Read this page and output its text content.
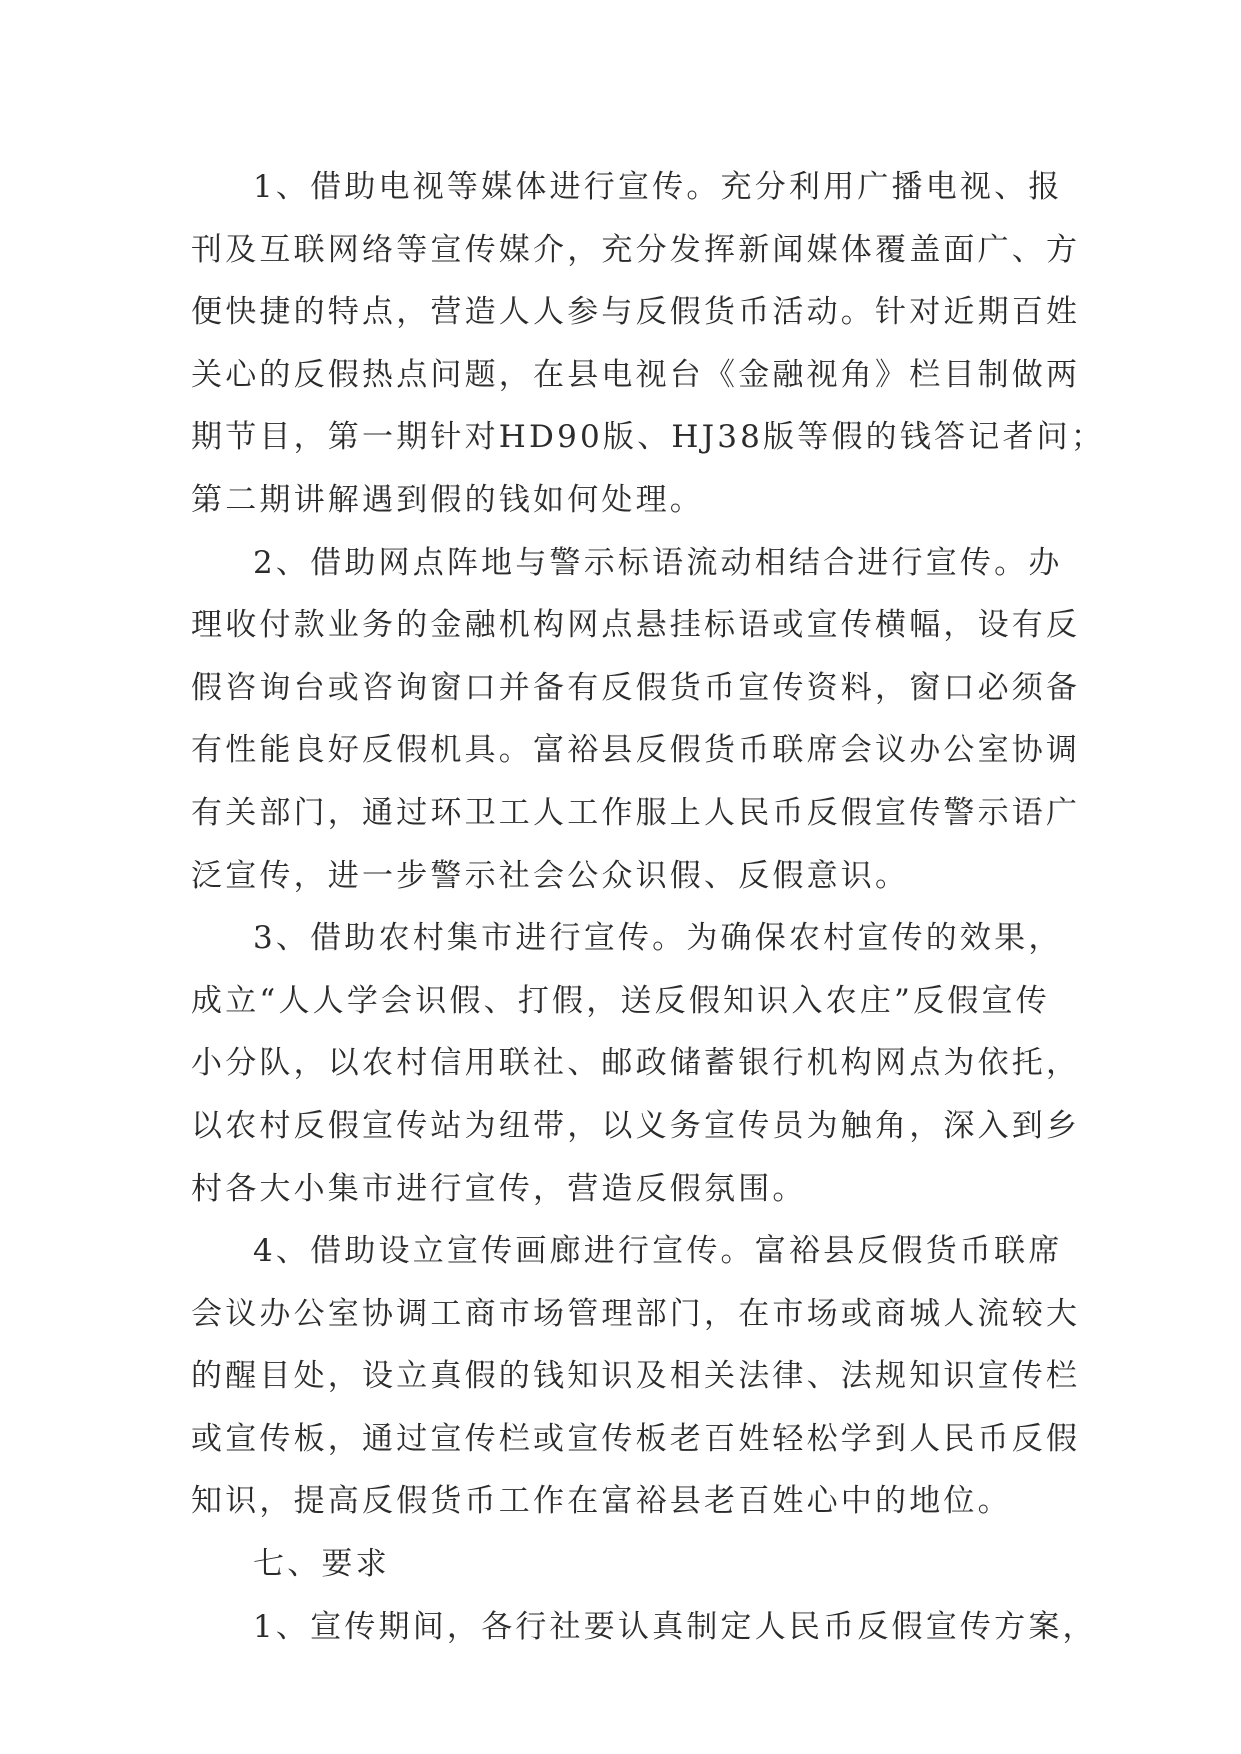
1、借助电视等媒体进行宣传。充分利用广播电视、报
刊及互联网络等宣传媒介，充分发挥新闻媒体覆盖面广、方
便快捷的特点，营造人人参与反假货币活动。针对近期百姓
关心的反假热点问题，在县电视台《金融视角》栏目制做两
期节目，第一期针对HD90版、HJ38版等假的钱答记者问；
第二期讲解遇到假的钱如何处理。
2、借助网点阵地与警示标语流动相结合进行宣传。办
理收付款业务的金融机构网点悬挂标语或宣传横幅，设有反
假咨询台或咨询窗口并备有反假货币宣传资料，窗口必须备
有性能良好反假机具。富裕县反假货币联席会议办公室协调
有关部门，通过环卫工人工作服上人民币反假宣传警示语广
泛宣传，进一步警示社会公众识假、反假意识。
3、借助农村集市进行宣传。为确保农村宣传的效果，
成立“人人学会识假、打假，送反假知识入农庄”反假宣传
小分队，以农村信用联社、邮政储蓄银行机构网点为依托，
以农村反假宣传站为纽带，以义务宣传员为触角，深入到乡
村各大小集市进行宣传，营造反假氛围。
4、借助设立宣传画廊进行宣传。富裕县反假货币联席
会议办公室协调工商市场管理部门，在市场或商城人流较大
的醒目处，设立真假的钱知识及相关法律、法规知识宣传栏
或宣传板，通过宣传栏或宣传板老百姓轻松学到人民币反假
知识，提高反假货币工作在富裕县老百姓心中的地位。
七、要求
1、宣传期间，各行社要认真制定人民币反假宣传方案，
